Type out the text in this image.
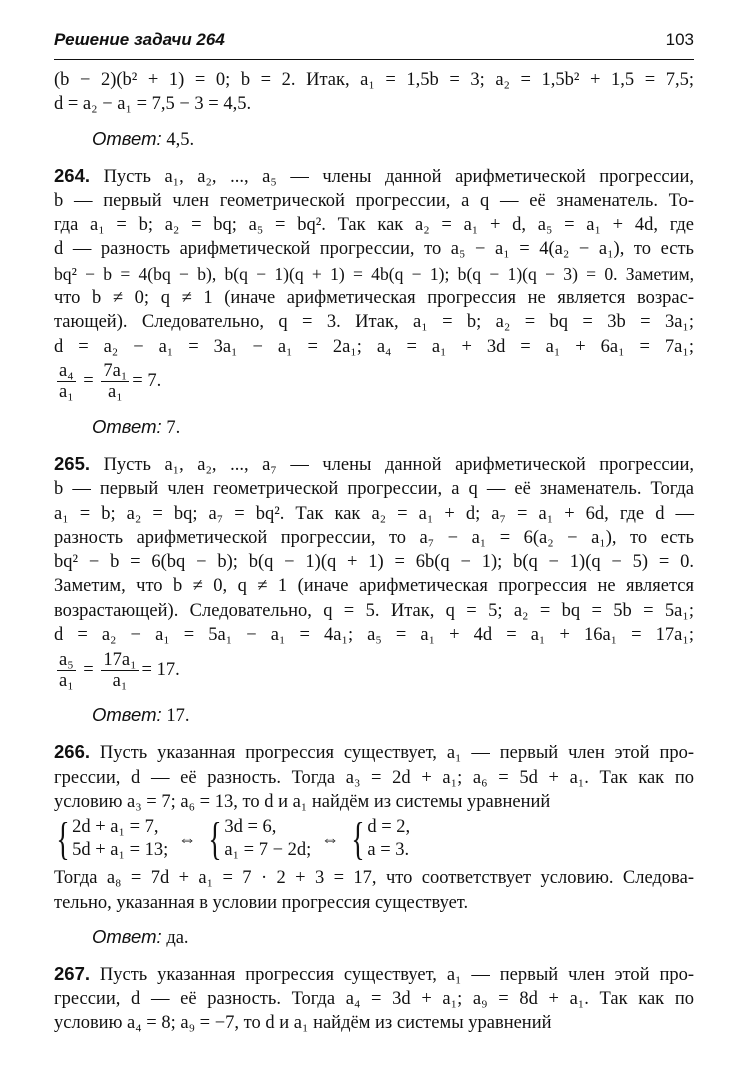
Решение задачи 264	103
(b − 2)(b² + 1) = 0; b = 2. Итак, a₁ = 1,5b = 3; a₂ = 1,5b² + 1,5 = 7,5;
d = a₂ − a₁ = 7,5 − 3 = 4,5.
Ответ: 4,5.
264. Пусть a₁, a₂, ..., a₅ — члены данной арифметической прогрессии,
b — первый член геометрической прогрессии, а q — её знаменатель. То-
гда a₁ = b; a₂ = bq; a₅ = bq². Так как a₂ = a₁ + d, a₅ = a₁ + 4d, где
d — разность арифметической прогрессии, то a₅ − a₁ = 4(a₂ − a₁), то есть
bq² − b = 4(bq − b), b(q − 1)(q + 1) = 4b(q − 1); b(q − 1)(q − 3) = 0. Заметим,
что b ≠ 0; q ≠ 1 (иначе арифметическая прогрессия не является возрас-
тающей). Следовательно, q = 3. Итак, a₁ = b; a₂ = bq = 3b = 3a₁;
d = a₂ − a₁ = 3a₁ − a₁ = 2a₁; a₄ = a₁ + 3d = a₁ + 6a₁ = 7a₁;
$\frac{\text{a₄}}{\text{a₁}} = \frac{\text{7a₁}}{\text{a₁}} = 7$.
Ответ: 7.
265. Пусть a₁, a₂, ..., a₇ — члены данной арифметической прогрессии,
b — первый член геометрической прогрессии, а q — её знаменатель. Тогда
a₁ = b; a₂ = bq; a₇ = bq². Так как a₂ = a₁ + d; a₇ = a₁ + 6d, где d —
разность арифметической прогрессии, то a₇ − a₁ = 6(a₂ − a₁), то есть
bq² − b = 6(bq − b); b(q − 1)(q + 1) = 6b(q − 1); b(q − 1)(q − 5) = 0.
Заметим, что b ≠ 0, q ≠ 1 (иначе арифметическая прогрессия не является
возрастающей). Следовательно, q = 5. Итак, q = 5; a₂ = bq = 5b = 5a₁;
d = a₂ − a₁ = 5a₁ − a₁ = 4a₁; a₅ = a₁ + 4d = a₁ + 16a₁ = 17a₁;
$\frac{\text{a₅}}{\text{a₁}} = \frac{\text{17a₁}}{\text{a₁}} = 17$.
Ответ: 17.
266. Пусть указанная прогрессия существует, a₁ — первый член этой про-
грессии, d — её разность. Тогда a₃ = 2d + a₁; a₆ = 5d + a₁. Так как по
условию a₃ = 7; a₆ = 13, то d и a₁ найдём из системы уравнений
{ 2d + a₁ = 7,
5d + a₁ = 13;
⇔ { 3d = 6,
a₁ = 7 − 2d;
⇔ { d = 2,
a = 3.
Тогда a₈ = 7d + a₁ = 7 · 2 + 3 = 17, что соответствует условию. Следова-
тельно, указанная в условии прогрессия существует.
Ответ: да.
267. Пусть указанная прогрессия существует, a₁ — первый член этой про-
грессии, d — её разность. Тогда a₄ = 3d + a₁; a₉ = 8d + a₁. Так как по
условию a₄ = 8; a₉ = −7, то d и a₁ найдём из системы уравнений
